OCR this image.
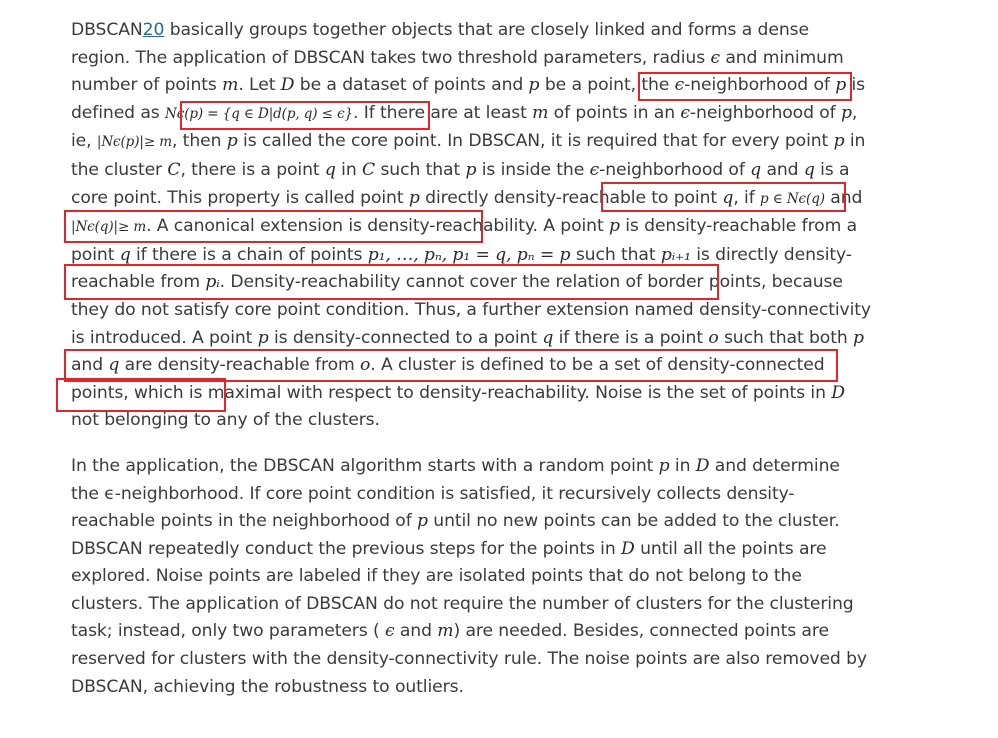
DBSCAN20 basically groups together objects that are closely linked and forms a dense region. The application of DBSCAN takes two threshold parameters, radius ϵ and minimum number of points m. Let D be a dataset of points and p be a point, the ϵ-neighborhood of p is defined as Nϵ(p) = {q ∈ D|d(p, q) ≤ ϵ}. If there are at least m of points in an ϵ-neighborhood of p, ie, |Nϵ(p)|≥ m, then p is called the core point. In DBSCAN, it is required that for every point p in the cluster C, there is a point q in C such that p is inside the ϵ-neighborhood of q and q is a core point. This property is called point p directly density-reachable to point q, if p ∈ Nϵ(q) and |Nϵ(q)|≥ m. A canonical extension is density-reachability. A point p is density-reachable from a point q if there is a chain of points p₁, …, pₙ, p₁ = q, pₙ = p such that pᵢ₊₁ is directly density-reachable from pᵢ. Density-reachability cannot cover the relation of border points, because they do not satisfy core point condition. Thus, a further extension named density-connectivity is introduced. A point p is density-connected to a point q if there is a point o such that both p and q are density-reachable from o. A cluster is defined to be a set of density-connected points, which is maximal with respect to density-reachability. Noise is the set of points in D not belonging to any of the clusters.

In the application, the DBSCAN algorithm starts with a random point p in D and determine the ϵ-neighborhood. If core point condition is satisfied, it recursively collects density-reachable points in the neighborhood of p until no new points can be added to the cluster. DBSCAN repeatedly conduct the previous steps for the points in D until all the points are explored. Noise points are labeled if they are isolated points that do not belong to the clusters. The application of DBSCAN do not require the number of clusters for the clustering task; instead, only two parameters ( ϵ and m) are needed. Besides, connected points are reserved for clusters with the density-connectivity rule. The noise points are also removed by DBSCAN, achieving the robustness to outliers.
